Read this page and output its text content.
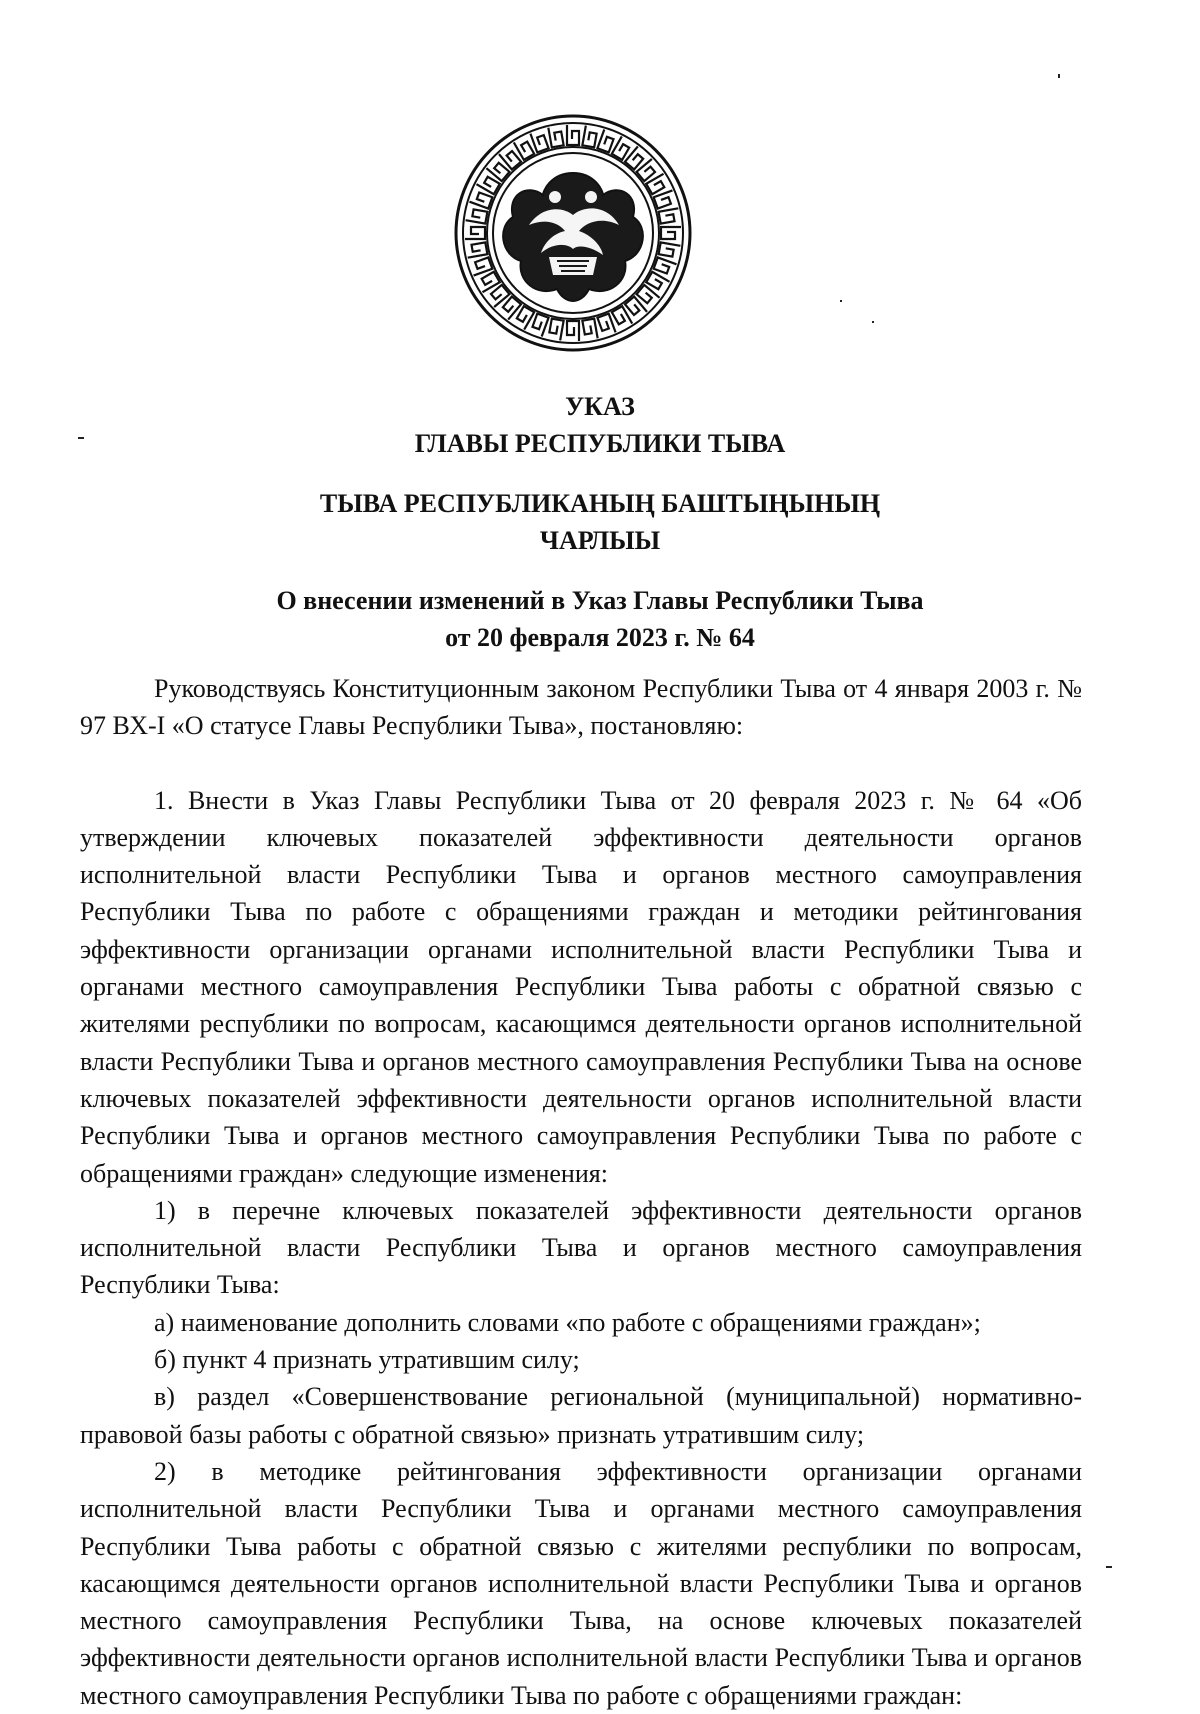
УКАЗ
ГЛАВЫ РЕСПУБЛИКИ ТЫВА
ТЫВА РЕСПУБЛИКАНЫҢ БАШТЫҢЫНЫҢ
ЧАРЛЫЫ
О внесении изменений в Указ Главы Республики Тыва
от 20 февраля 2023 г. № 64

Руководствуясь Конституционным законом Республики Тыва от 4 января 2003 г. № 97 ВХ-I «О статусе Главы Республики Тыва», постановляю:

1. Внести в Указ Главы Республики Тыва от 20 февраля 2023 г. № 64 «Об утверждении ключевых показателей эффективности деятельности органов исполнительной власти Республики Тыва и органов местного самоуправления Республики Тыва по работе с обращениями граждан и методики рейтингования эффективности организации органами исполнительной власти Республики Тыва и органами местного самоуправления Республики Тыва работы с обратной связью с жителями республики по вопросам, касающимся деятельности органов исполнительной власти Республики Тыва и органов местного самоуправления Республики Тыва на основе ключевых показателей эффективности деятельности органов исполнительной власти Республики Тыва и органов местного самоуправления Республики Тыва по работе с обращениями граждан» следующие изменения:

1) в перечне ключевых показателей эффективности деятельности органов исполнительной власти Республики Тыва и органов местного самоуправления Республики Тыва:

а) наименование дополнить словами «по работе с обращениями граждан»;

б) пункт 4 признать утратившим силу;

в) раздел «Совершенствование региональной (муниципальной) нормативно-правовой базы работы с обратной связью» признать утратившим силу;

2) в методике рейтингования эффективности организации органами исполнительной власти Республики Тыва и органами местного самоуправления Республики Тыва работы с обратной связью с жителями республики по вопросам, касающимся деятельности органов исполнительной власти Республики Тыва и органов местного самоуправления Республики Тыва, на основе ключевых показателей эффективности деятельности органов исполнительной власти Республики Тыва и органов местного самоуправления Республики Тыва по работе с обращениями граждан:
